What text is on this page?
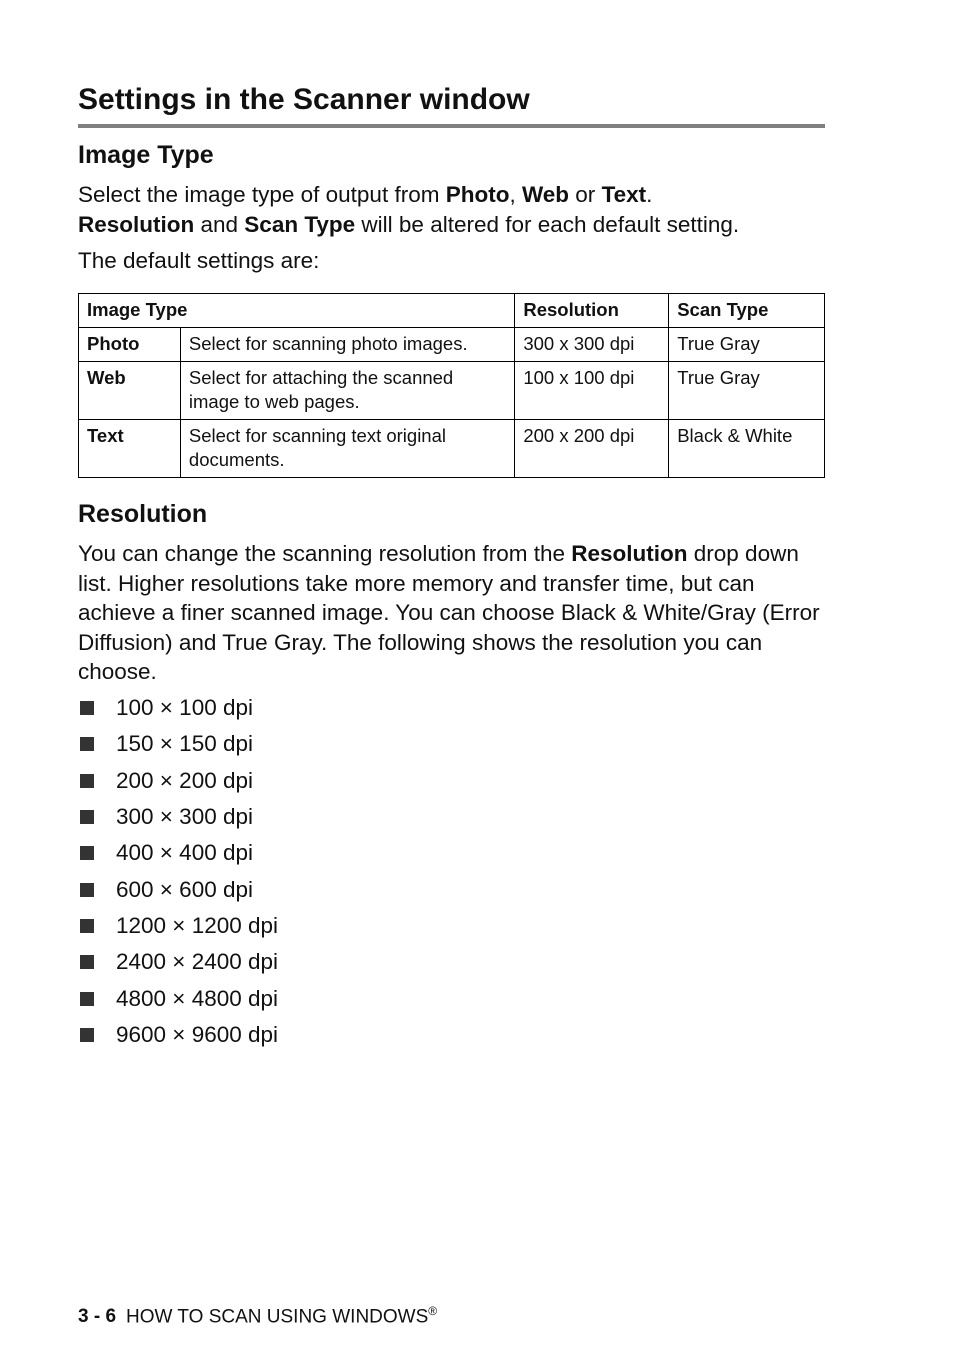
Settings in the Scanner window
Image Type

Select the image type of output from Photo, Web or Text.
Resolution and Scan Type will be altered for each default setting.

The default settings are:

Image Type		Resolution	Scan Type
Photo	Select for scanning photo images.	300 x 300 dpi	True Gray
Web	Select for attaching the scanned image to web pages.	100 x 100 dpi	True Gray
Text	Select for scanning text original documents.	200 x 200 dpi	Black & White
Resolution

You can change the scanning resolution from the Resolution drop down list. Higher resolutions take more memory and transfer time, but can achieve a finer scanned image. You can choose Black & White/Gray (Error Diffusion) and True Gray. The following shows the resolution you can choose.

100 × 100 dpi
150 × 150 dpi
200 × 200 dpi
300 × 300 dpi
400 × 400 dpi
600 × 600 dpi
1200 × 1200 dpi
2400 × 2400 dpi
4800 × 4800 dpi
9600 × 9600 dpi
3 - 6 HOW TO SCAN USING WINDOWS®
